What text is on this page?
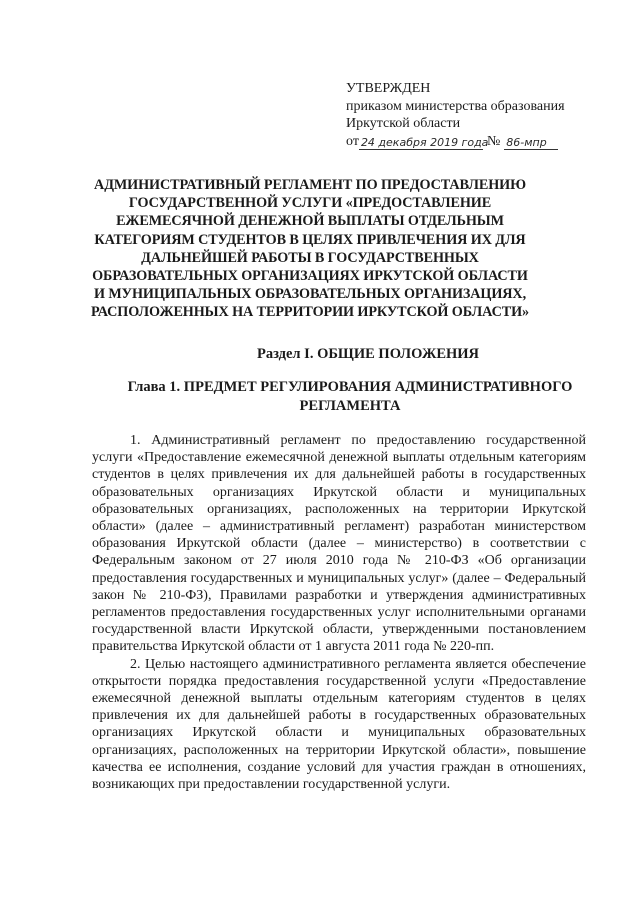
УТВЕРЖДЕН
приказом министерства образования
Иркутской области
от 24 декабря 2019 года
№ 86-мпр
АДМИНИСТРАТИВНЫЙ РЕГЛАМЕНТ ПО ПРЕДОСТАВЛЕНИЮ ГОСУДАРСТВЕННОЙ УСЛУГИ «ПРЕДОСТАВЛЕНИЕ ЕЖЕМЕСЯЧНОЙ ДЕНЕЖНОЙ ВЫПЛАТЫ ОТДЕЛЬНЫМ КАТЕГОРИЯМ СТУДЕНТОВ В ЦЕЛЯХ ПРИВЛЕЧЕНИЯ ИХ ДЛЯ ДАЛЬНЕЙШЕЙ РАБОТЫ В ГОСУДАРСТВЕННЫХ ОБРАЗОВАТЕЛЬНЫХ ОРГАНИЗАЦИЯХ ИРКУТСКОЙ ОБЛАСТИ И МУНИЦИПАЛЬНЫХ ОБРАЗОВАТЕЛЬНЫХ ОРГАНИЗАЦИЯХ, РАСПОЛОЖЕННЫХ НА ТЕРРИТОРИИ ИРКУТСКОЙ ОБЛАСТИ»
Раздел I. ОБЩИЕ ПОЛОЖЕНИЯ
Глава 1. ПРЕДМЕТ РЕГУЛИРОВАНИЯ АДМИНИСТРАТИВНОГО РЕГЛАМЕНТА

1. Административный регламент по предоставлению государственной услуги «Предоставление ежемесячной денежной выплаты отдельным категориям студентов в целях привлечения их для дальнейшей работы в государственных образовательных организациях Иркутской области и муниципальных образовательных организациях, расположенных на территории Иркутской области» (далее – административный регламент) разработан министерством образования Иркутской области (далее – министерство) в соответствии с Федеральным законом от 27 июля 2010 года № 210-ФЗ «Об организации предоставления государственных и муниципальных услуг» (далее – Федеральный закон № 210-ФЗ), Правилами разработки и утверждения административных регламентов предоставления государственных услуг исполнительными органами государственной власти Иркутской области, утвержденными постановлением правительства Иркутской области от 1 августа 2011 года № 220-пп.

2. Целью настоящего административного регламента является обеспечение открытости порядка предоставления государственной услуги «Предоставление ежемесячной денежной выплаты отдельным категориям студентов в целях привлечения их для дальнейшей работы в государственных образовательных организациях Иркутской области и муниципальных образовательных организациях, расположенных на территории Иркутской области», повышение качества ее исполнения, создание условий для участия граждан в отношениях, возникающих при предоставлении государственной услуги.
